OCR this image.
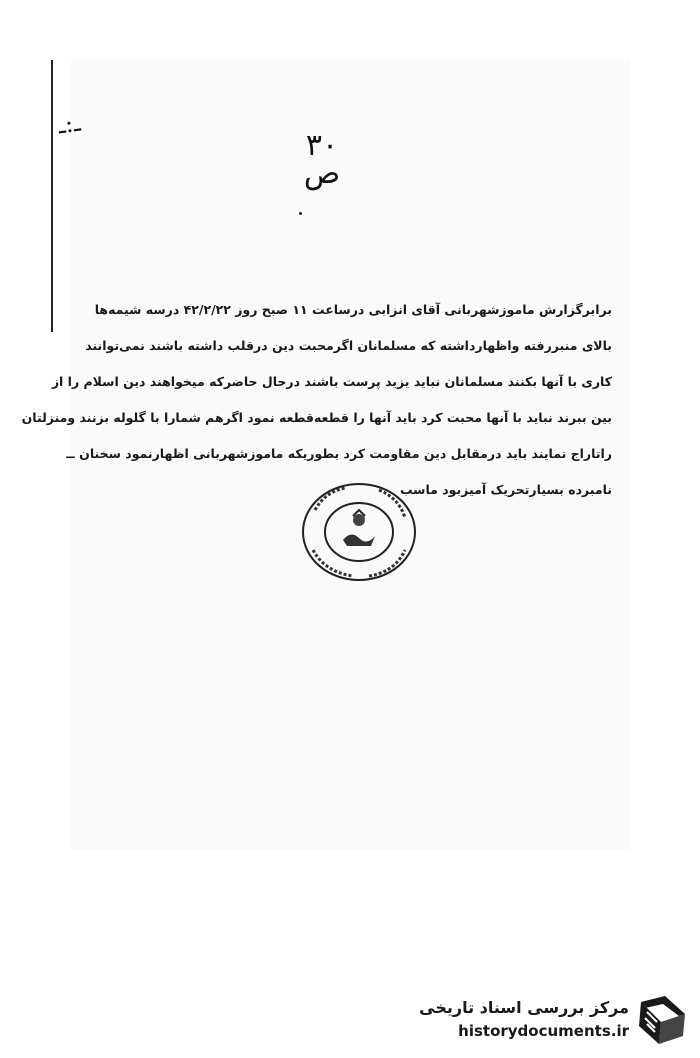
ـ:ـ
۳۰
ص
برابرگزارش ماموزشهربانی آقای انزابی درساعت ۱۱ صبح روز ۴۲/۲/۲۲ درسه شیمه‌ها
بالای منبررفته واظهارداشته که مسلمانان اگرمحبت دین درقلب داشته باشند نمی‌توانند
کاری با آنها بکنند مسلمانان نباید یزید پرست باشند درحال حاضرکه میخواهند دین اسلام را از
بین ببرند نباید با آنها محبت کرد باید آنها را قطعه‌قطعه نمود اگرهم شمارا با گلوله بزنند ومنزلتان
راتاراج نمایند باید درمقابل دین مقاومت کرد بطوریکه ماموزشهربانی اظهارنمود سخنان ــ
نامبرده بسیارتحریک آمیزبود ماسب
مرکز بررسی اسناد تاریخی
historydocuments.ir
